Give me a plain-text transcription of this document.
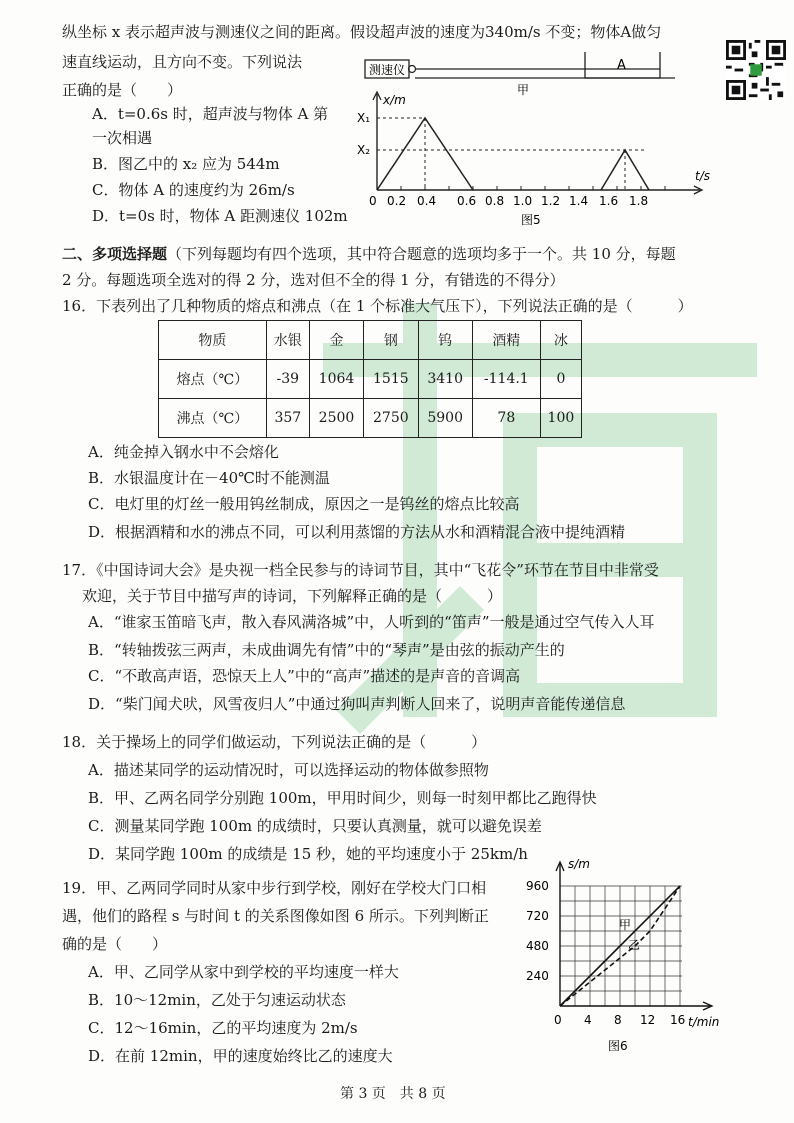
纵坐标 x 表示超声波与测速仪之间的距离。假设超声波的速度为340m/s 不变；物体A做匀
速直线运动，且方向不变。下列说法
正确的是（　　）
A．t=0.6s 时，超声波与物体 A 第
一次相遇
B．图乙中的 x₂ 应为 544m
C．物体 A 的速度约为 26m/s
D．t=0s 时，物体 A 距测速仪 102m
测速仪	A
甲
x/m
t/s
X₁
X₂
0 0.2 0.4 0.6 0.8 1.0 1.2 1.4 1.6 1.8
图5
二、多项选择题（下列每题均有四个选项，其中符合题意的选项均多于一个。共 10 分，每题
2 分。每题选项全选对的得 2 分，选对但不全的得 1 分，有错选的不得分）
16．下表列出了几种物质的熔点和沸点（在 1 个标准大气压下），下列说法正确的是（　　　）
物质	水银	金	钢	钨	酒精	冰
熔点（℃）	-39	1064	1515	3410	-114.1	0
沸点（℃）	357	2500	2750	5900	78	100
A．纯金掉入钢水中不会熔化
B．水银温度计在－40℃时不能测温
C．电灯里的灯丝一般用钨丝制成，原因之一是钨丝的熔点比较高
D．根据酒精和水的沸点不同，可以利用蒸馏的方法从水和酒精混合液中提纯酒精
17．《中国诗词大会》是央视一档全民参与的诗词节目，其中“飞花令”环节在节目中非常受
欢迎，关于节目中描写声的诗词，下列解释正确的是（　　　）
A．“谁家玉笛暗飞声，散入春风满洛城”中，人听到的“笛声”一般是通过空气传入人耳
B．“转轴拨弦三两声，未成曲调先有情”中的“琴声”是由弦的振动产生的
C．“不敢高声语，恐惊天上人”中的“高声”描述的是声音的音调高
D．“柴门闻犬吠，风雪夜归人”中通过狗叫声判断人回来了，说明声音能传递信息
18．关于操场上的同学们做运动，下列说法正确的是（　　　）
A．描述某同学的运动情况时，可以选择运动的物体做参照物
B．甲、乙两名同学分别跑 100m，甲用时间少，则每一时刻甲都比乙跑得快
C．测量某同学跑 100m 的成绩时，只要认真测量，就可以避免误差
D．某同学跑 100m 的成绩是 15 秒，她的平均速度小于 25km/h
19．甲、乙两同学同时从家中步行到学校，刚好在学校大门口相
遇，他们的路程 s 与时间 t 的关系图像如图 6 所示。下列判断正
确的是（　　）
A．甲、乙同学从家中到学校的平均速度一样大
B．10～12min，乙处于匀速运动状态
C．12～16min，乙的平均速度为 2m/s
D．在前 12min，甲的速度始终比乙的速度大
s/m
t/min
960
720
480
240
0 4 8 12 16
甲
乙
图6
第 3 页　共 8 页
